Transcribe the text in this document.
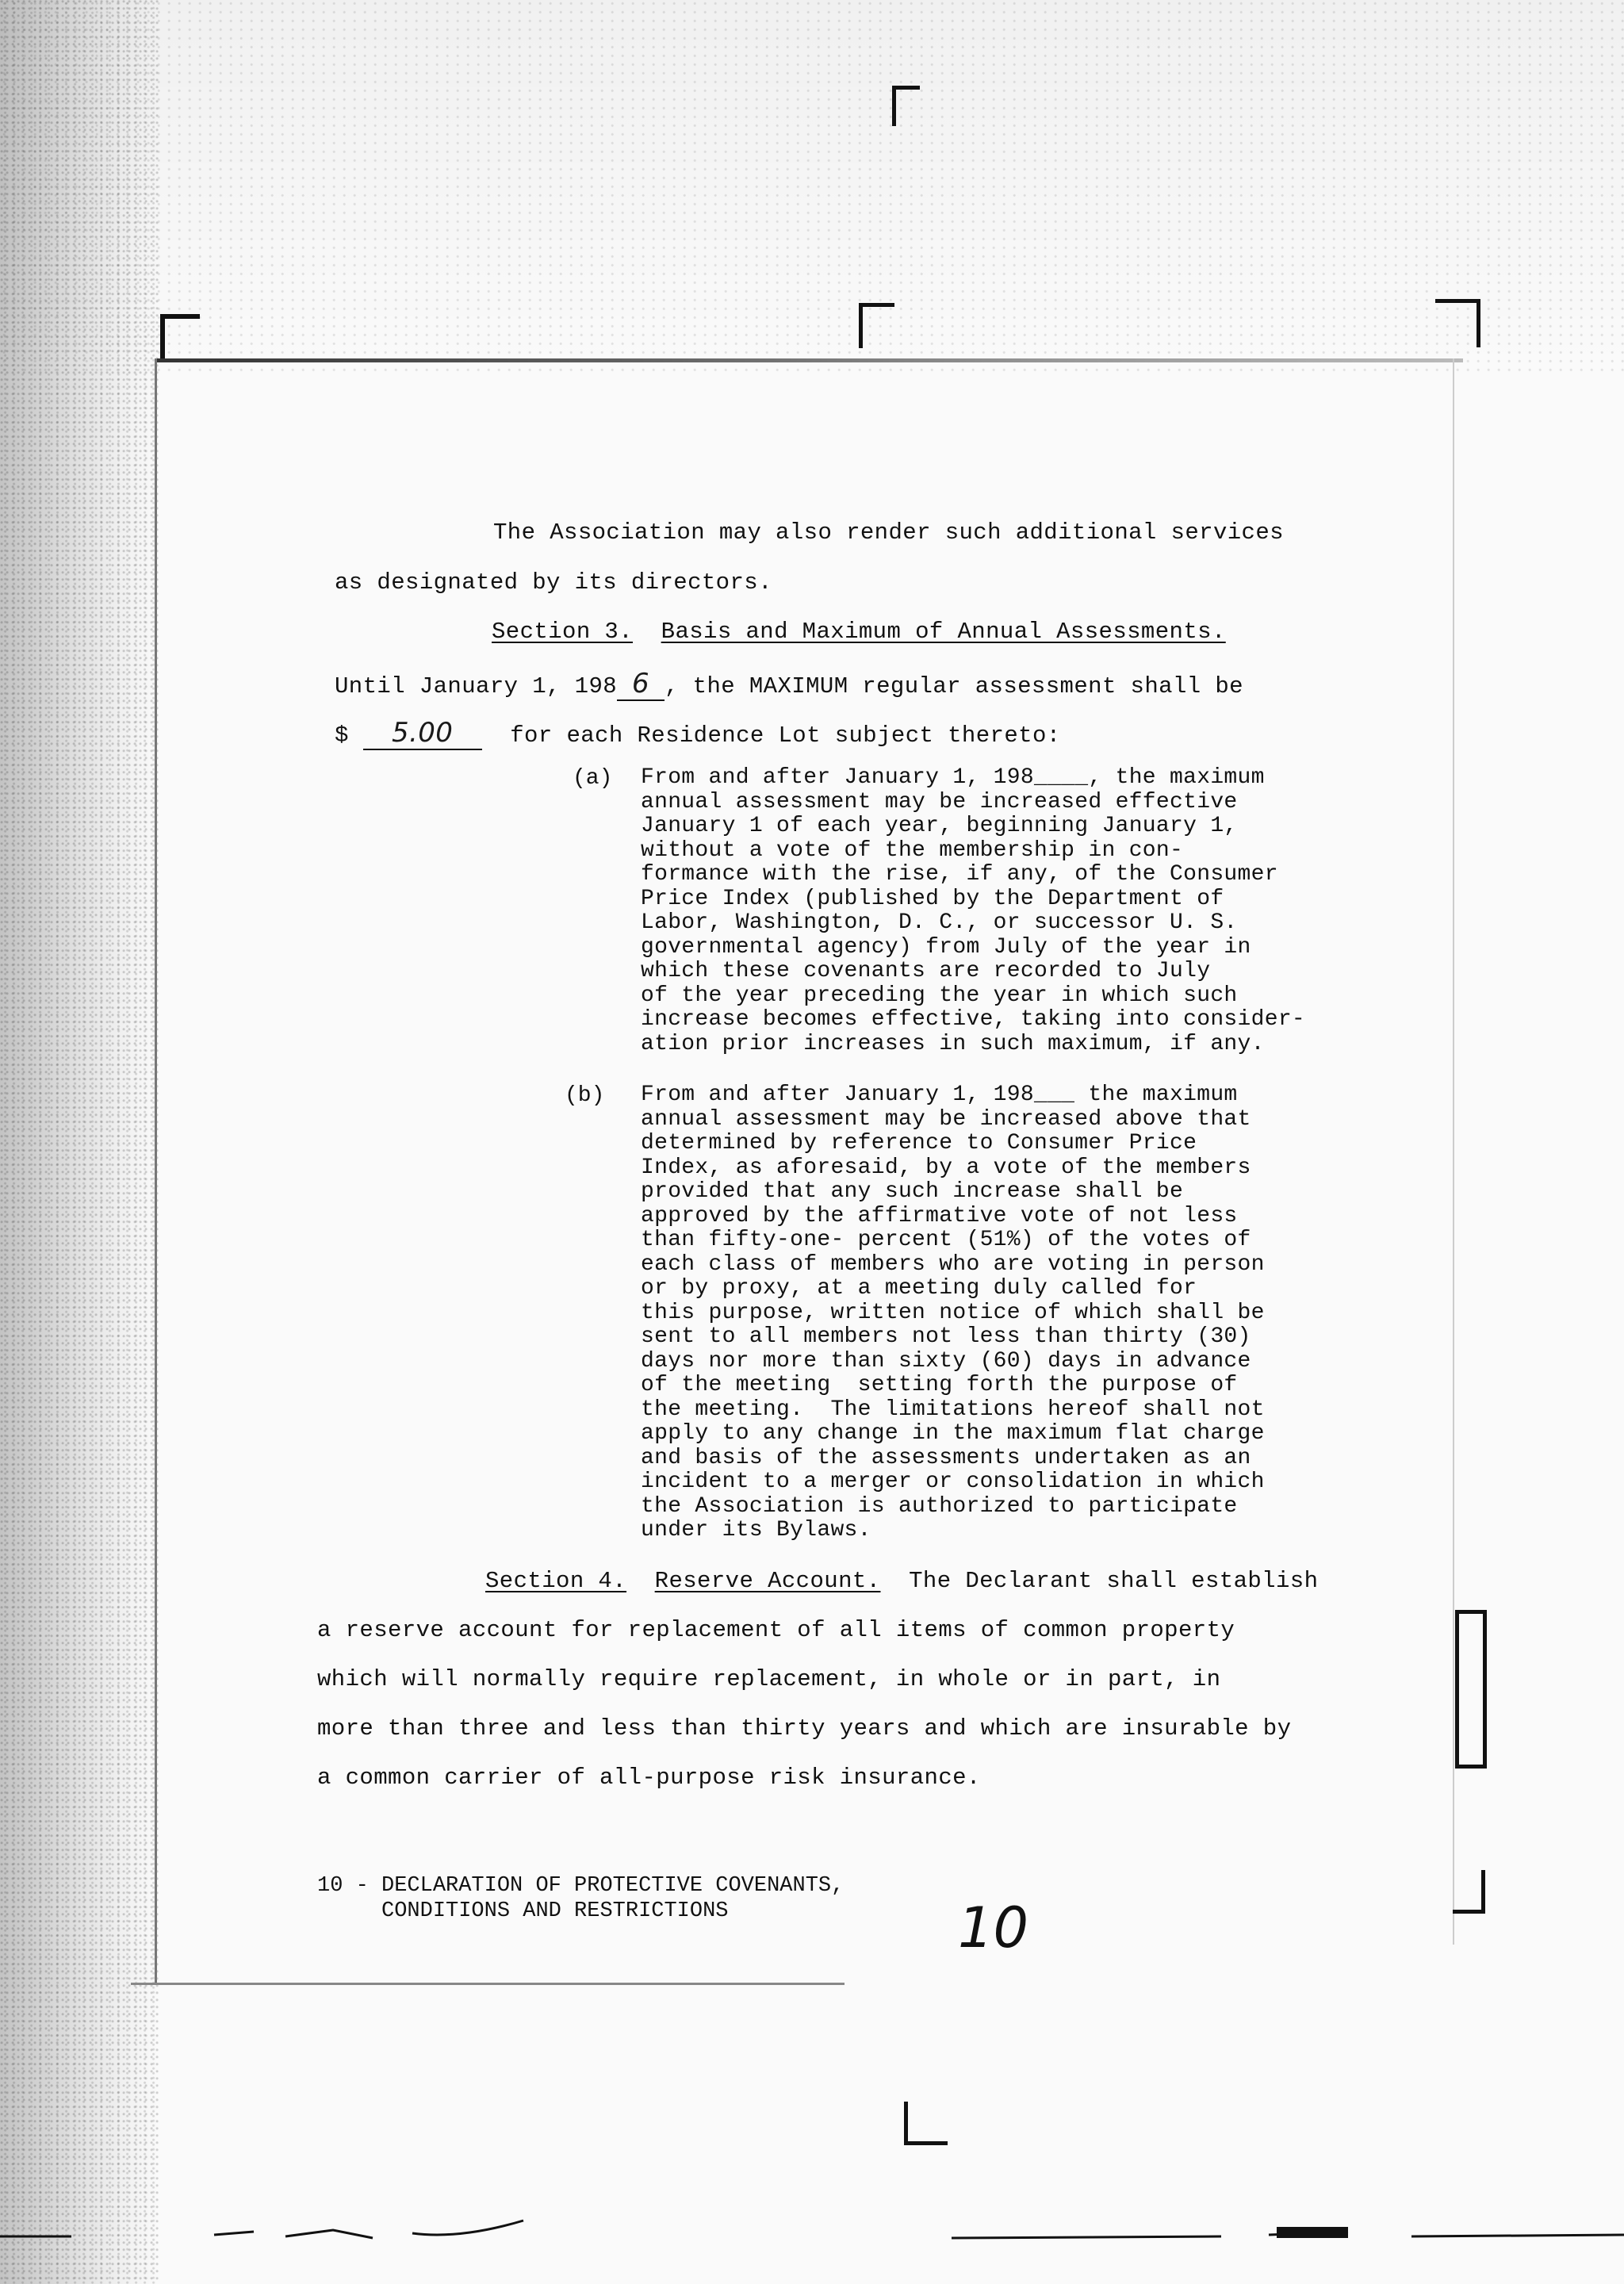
The Association may also render such additional services
as designated by its directors.
Section 3. Basis and Maximum of Annual Assessments.
Until January 1, 198 6 , the MAXIMUM regular assessment shall be
$ 5.00 for each Residence Lot subject thereto:
(a) From and after January 1, 198____, the maximum
annual assessment may be increased effective
January 1 of each year, beginning January 1,
without a vote of the membership in con-
formance with the rise, if any, of the Consumer
Price Index (published by the Department of
Labor, Washington, D. C., or successor U. S.
governmental agency) from July of the year in
which these covenants are recorded to July
of the year preceding the year in which such
increase becomes effective, taking into consider-
ation prior increases in such maximum, if any.
(b) From and after January 1, 198___ the maximum
annual assessment may be increased above that
determined by reference to Consumer Price
Index, as aforesaid, by a vote of the members
provided that any such increase shall be
approved by the affirmative vote of not less
than fifty-one- percent (51%) of the votes of
each class of members who are voting in person
or by proxy, at a meeting duly called for
this purpose, written notice of which shall be
sent to all members not less than thirty (30)
days nor more than sixty (60) days in advance
of the meeting  setting forth the purpose of
the meeting.  The limitations hereof shall not
apply to any change in the maximum flat charge
and basis of the assessments undertaken as an
incident to a merger or consolidation in which
the Association is authorized to participate
under its Bylaws.
Section 4. Reserve Account. The Declarant shall establish
a reserve account for replacement of all items of common property
which will normally require replacement, in whole or in part, in
more than three and less than thirty years and which are insurable by
a common carrier of all-purpose risk insurance.
10 - DECLARATION OF PROTECTIVE COVENANTS,
CONDITIONS AND RESTRICTIONS	10
